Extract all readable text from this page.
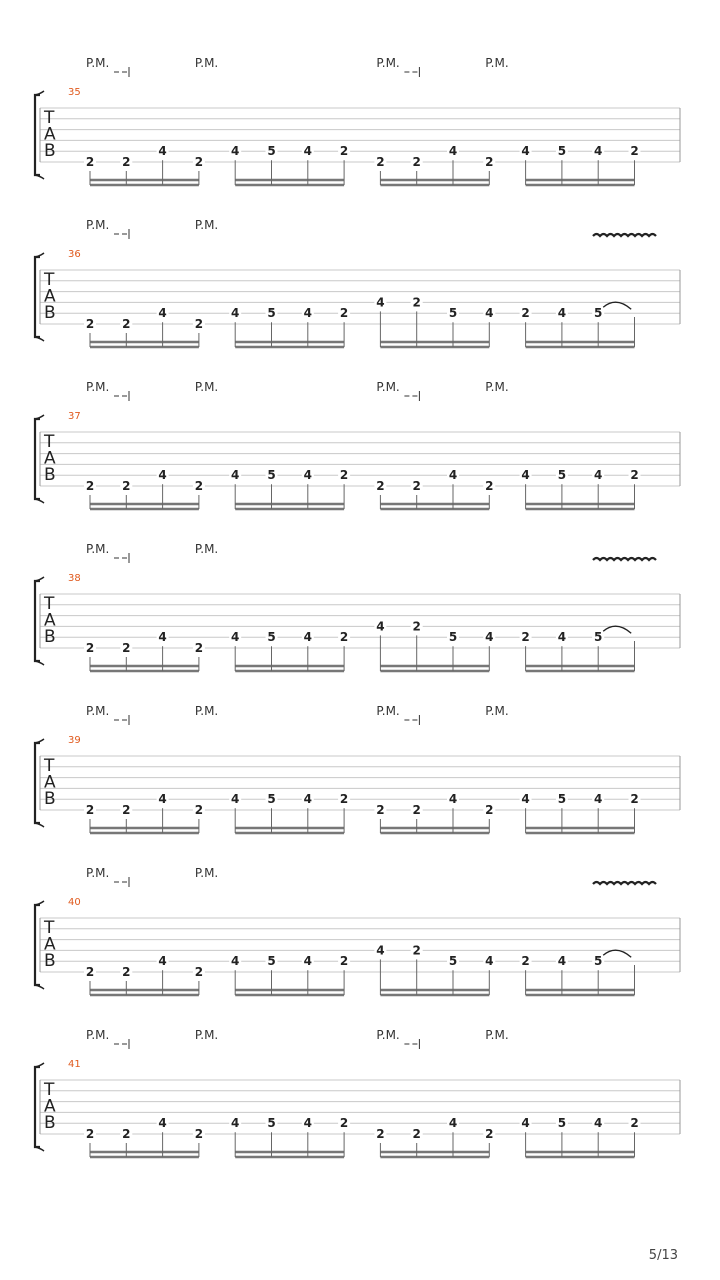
T
A
B
35
P.M.	P.M.	P.M.	P.M.
2 2
4
2
4 5 4 2
2 2
4
2
4 5 4 2
T
A
B
36
P.M.	P.M.
2 2
4
2
4 5 4 2
4 2
5 4 2 4 5
T
A
B
37
P.M.	P.M.	P.M.	P.M.
2 2
4
2
4 5 4 2
2 2
4
2
4 5 4 2
T
A
B
38
P.M.	P.M.
2 2
4
2
4 5 4 2
4 2
5 4 2 4 5
T
A
B
39
P.M.	P.M.	P.M.	P.M.
2 2
4
2
4 5 4 2
2 2
4
2
4 5 4 2
T
A
B
40
P.M.	P.M.
2 2
4
2
4 5 4 2
4 2
5 4 2 4 5
T
A
B
41
P.M.	P.M.	P.M.	P.M.
2 2
4
2
4 5 4 2
2 2
4
2
4 5 4 2
5/13
